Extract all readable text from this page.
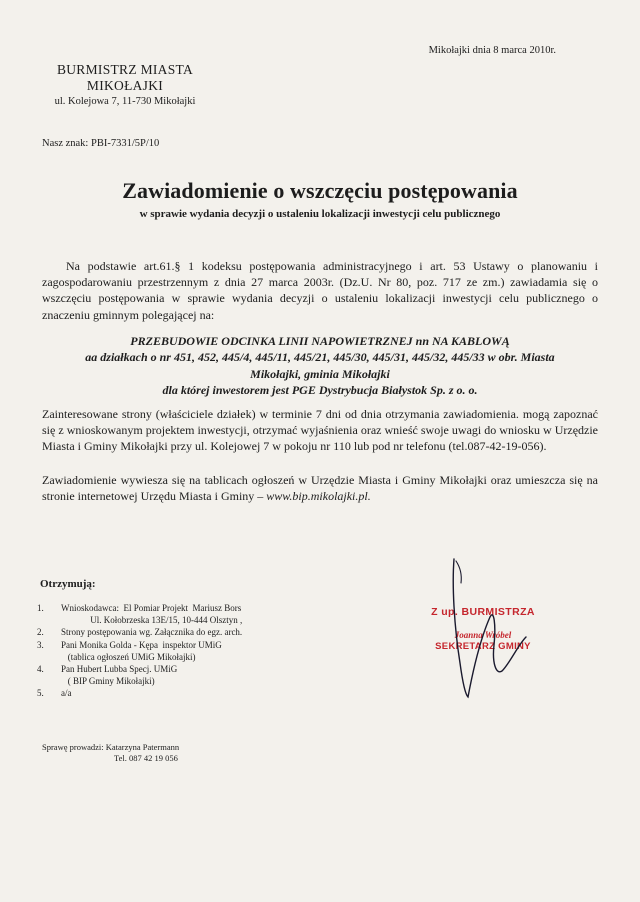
Mikołajki dnia 8 marca 2010r.
BURMISTRZ MIASTA
MIKOŁAJKI
ul. Kolejowa 7, 11-730 Mikołajki
Nasz znak: PBI-7331/5P/10
Zawiadomienie o wszczęciu postępowania
w sprawie wydania decyzji o ustaleniu lokalizacji inwestycji celu publicznego
Na podstawie art.61.§ 1 kodeksu postępowania administracyjnego i art. 53 Ustawy o planowaniu i zagospodarowaniu przestrzennym z dnia 27 marca 2003r. (Dz.U. Nr 80, poz. 717 ze zm.) zawiadamia się o wszczęciu postępowania w sprawie wydania decyzji o ustaleniu lokalizacji inwestycji celu publicznego o znaczeniu gminnym polegającej na:
PRZEBUDOWIE ODCINKA LINII NAPOWIETRZNEJ nn NA KABLOWĄ
aa działkach o nr 451, 452, 445/4, 445/11, 445/21, 445/30, 445/31, 445/32, 445/33 w obr. Miasta
Mikołajki, gminia Mikołajki
dla której inwestorem jest PGE Dystrybucja Białystok Sp. z o. o.
Zainteresowane strony (właściciele działek) w terminie 7 dni od dnia otrzymania zawiadomienia. mogą zapoznać się z wnioskowanym projektem inwestycji, otrzymać wyjaśnienia oraz wnieść swoje uwagi do wniosku w Urzędzie Miasta i Gminy Mikołajki przy ul. Kolejowej 7 w pokoju nr 110 lub pod nr telefonu (tel.087-42-19-056).
Zawiadomienie wywiesza się na tablicach ogłoszeń w Urzędzie Miasta i Gminy Mikołajki oraz umieszcza się na stronie internetowej Urzędu Miasta i Gminy – www.bip.mikolajki.pl.
Otrzymują:
1.	Wnioskodawca:  El Pomiar Projekt  Mariusz Bors
Ul. Kołobrzeska 13E/15, 10-444 Olsztyn ,
2.	Strony postępowania wg. Załącznika do egz. arch.
3.	Pani Monika Golda - Kępa  inspektor UMiG
(tablica ogłoszeń UMiG Mikołajki)
4.	Pan Hubert Lubba Specj. UMiG
( BIP Gminy Mikołajki)
5.	a/a
Sprawę prowadzi: Katarzyna Patermann
Tel. 087 42 19 056
Z up. BURMISTRZA
Joanna Wróbel
SEKRETARZ GMINY
